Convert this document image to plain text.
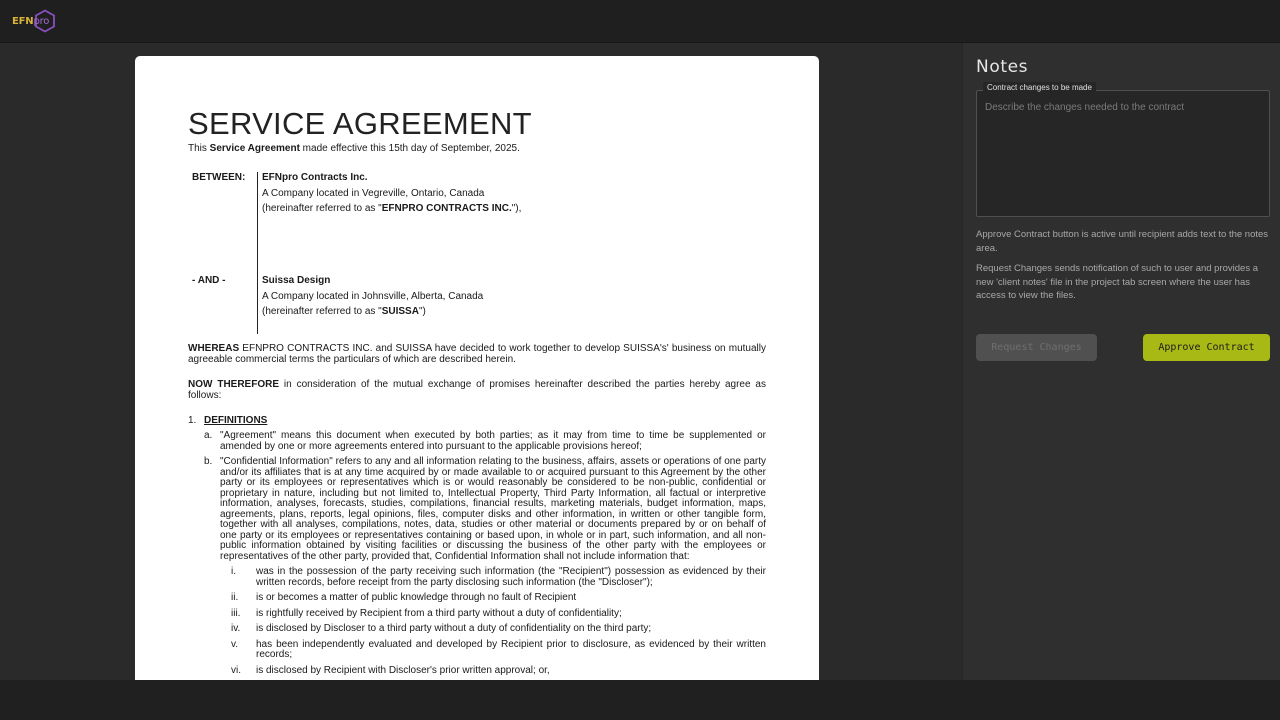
EFNpro
SERVICE AGREEMENT
This Service Agreement made effective this 15th day of September, 2025.
BETWEEN: EFNpro Contracts Inc.
A Company located in Vegreville, Ontario, Canada
(hereinafter referred to as "EFNPRO CONTRACTS INC."),
- AND -	Suissa Design
A Company located in Johnsville, Alberta, Canada
(hereinafter referred to as "SUISSA")
WHEREAS EFNPRO CONTRACTS INC. and SUISSA have decided to work together to develop SUISSA's' business on mutually agreeable commercial terms the particulars of which are described herein.
NOW THEREFORE in consideration of the mutual exchange of promises hereinafter described the parties hereby agree as follows:
1. DEFINITIONS
a. "Agreement" means this document when executed by both parties; as it may from time to time be supplemented or amended by one or more agreements entered into pursuant to the applicable provisions hereof;
b. "Confidential Information" refers to any and all information relating to the business, affairs, assets or operations of one party and/or its affiliates that is at any time acquired by or made available to or acquired pursuant to this Agreement by the other party or its employees or representatives which is or would reasonably be considered to be non-public, confidential or proprietary in nature, including but not limited to, Intellectual Property, Third Party Information, all factual or interpretive information, analyses, forecasts, studies, compilations, financial results, marketing materials, budget information, maps, agreements, plans, reports, legal opinions, files, computer disks and other information, in written or other tangible form, together with all analyses, compilations, notes, data, studies or other material or documents prepared by or on behalf of one party or its employees or representatives containing or based upon, in whole or in part, such information, and all non-public information obtained by visiting facilities or discussing the business of the other party with the employees or representatives of the other party, provided that, Confidential Information shall not include information that:
i.	was in the possession of the party receiving such information (the "Recipient") possession as evidenced by their written records, before receipt from the party disclosing such information (the "Discloser");
ii.	is or becomes a matter of public knowledge through no fault of Recipient
iii.	is rightfully received by Recipient from a third party without a duty of confidentiality;
iv.	is disclosed by Discloser to a third party without a duty of confidentiality on the third party;
v.	has been independently evaluated and developed by Recipient prior to disclosure, as evidenced by their written records;
vi.	is disclosed by Recipient with Discloser's prior written approval; or,
Notes
Contract changes to be made
Describe the changes needed to the contract
Approve Contract button is active until recipient adds text to the notes area.
Request Changes sends notification of such to user and provides a new 'client notes' file in the project tab screen where the user has access to view the files.
Request Changes	Approve Contract
